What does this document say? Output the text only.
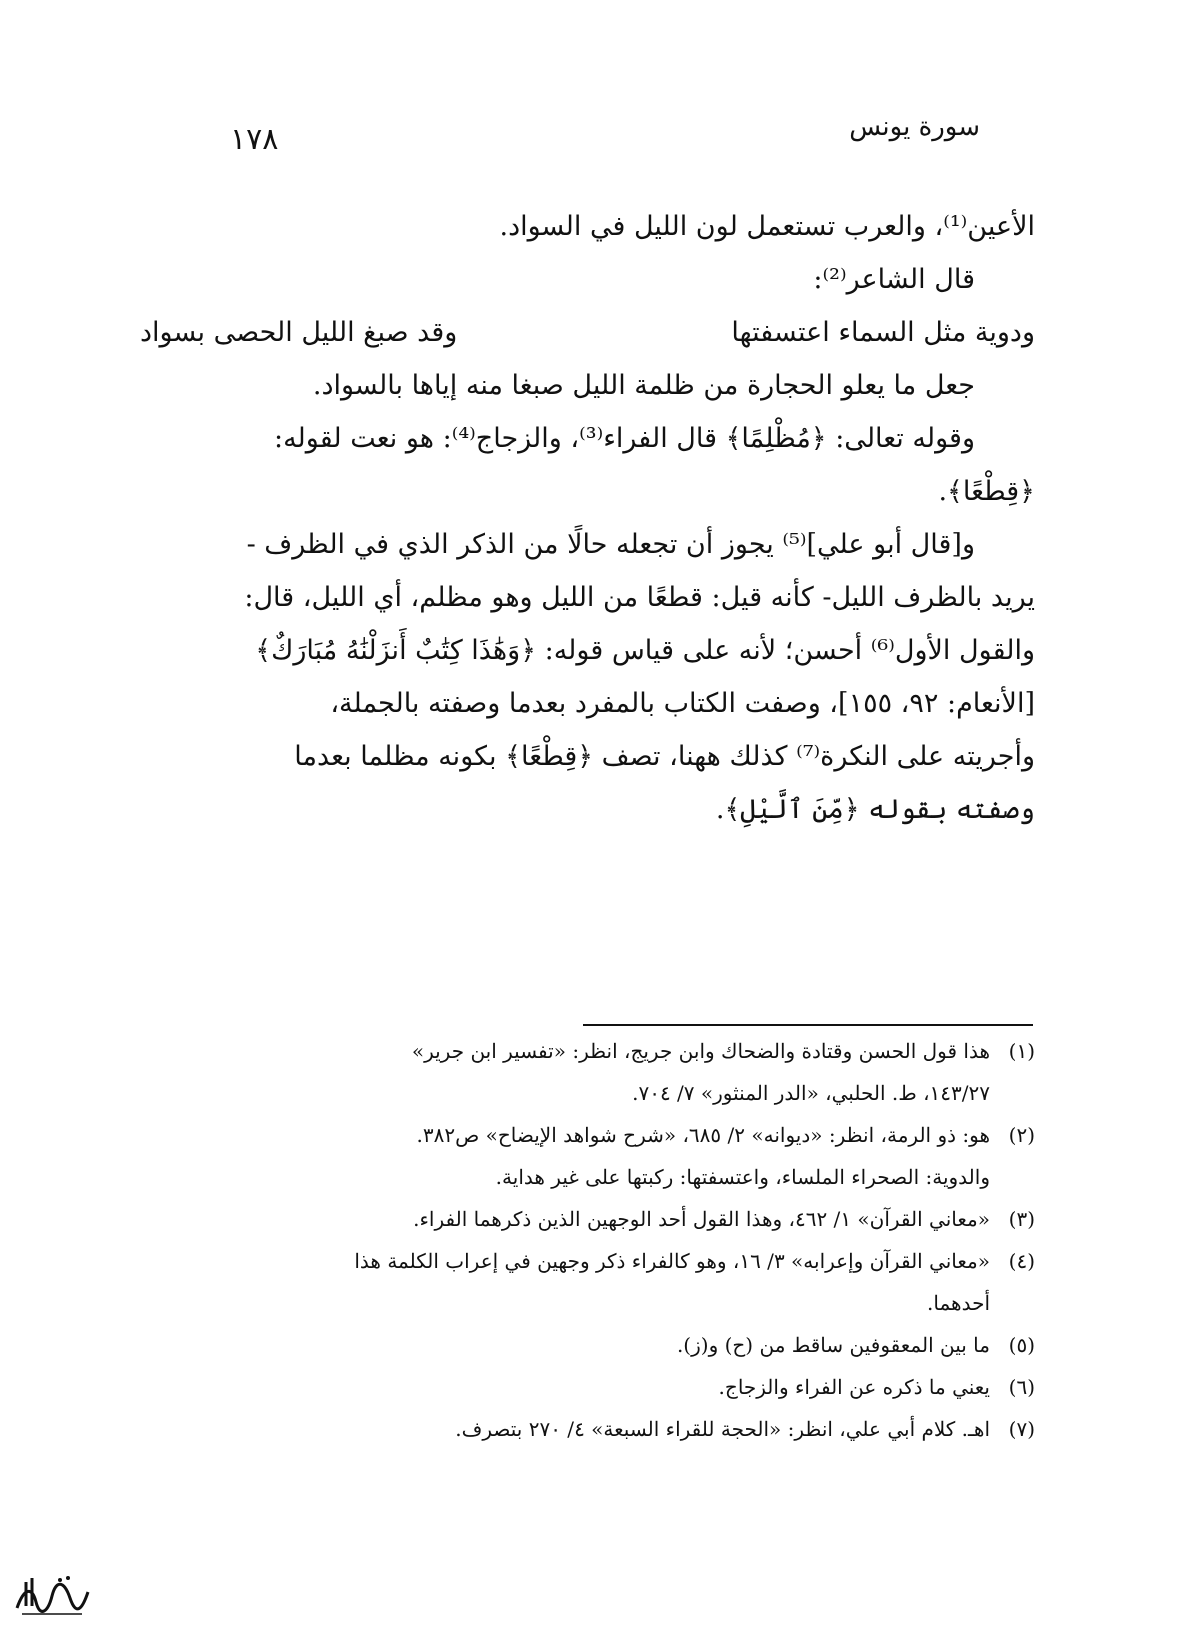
١٧٨	سورة يونس
الأعين⁽¹⁾، والعرب تستعمل لون الليل في السواد.
قال الشاعر⁽²⁾:
ودوية مثل السماء اعتسفتها
وقد صبغ الليل الحصى بسواد
جعل ما يعلو الحجارة من ظلمة الليل صبغا منه إياها بالسواد.
وقوله تعالى: ﴿مُظْلِمًا﴾ قال الفراء⁽³⁾، والزجاج⁽⁴⁾: هو نعت لقوله:
﴿قِطْعًا﴾.
و[قال أبو علي]⁽⁵⁾ يجوز أن تجعله حالًا من الذكر الذي في الظرف -
يريد بالظرف الليل- كأنه قيل: قطعًا من الليل وهو مظلم، أي الليل، قال:
والقول الأول⁽⁶⁾ أحسن؛ لأنه على قياس قوله: ﴿وَهَٰذَا كِتَٰبٌ أَنزَلْنَٰهُ مُبَارَكٌ﴾
[الأنعام: ٩٢، ١٥٥]، وصفت الكتاب بالمفرد بعدما وصفته بالجملة،
وأجريته على النكرة⁽⁷⁾ كذلك ههنا، تصف ﴿قِطْعًا﴾ بكونه مظلما بعدما
وصفته بقوله ﴿مِّنَ ٱلَّيْلِ﴾.
(١)
هذا قول الحسن وقتادة والضحاك وابن جريج، انظر: «تفسير ابن جرير»
١٤٣/٢٧، ط. الحلبي، «الدر المنثور» ٧/ ٧٠٤.
(٢)
هو: ذو الرمة، انظر: «ديوانه» ٢/ ٦٨٥، «شرح شواهد الإيضاح» ص٣٨٢.
والدوية: الصحراء الملساء، واعتسفتها: ركبتها على غير هداية.
(٣)
«معاني القرآن» ١/ ٤٦٢، وهذا القول أحد الوجهين الذين ذكرهما الفراء.
(٤)
«معاني القرآن وإعرابه» ٣/ ١٦، وهو كالفراء ذكر وجهين في إعراب الكلمة هذا
أحدهما.
(٥)
ما بين المعقوفين ساقط من (ح) و(ز).
(٦)
يعني ما ذكره عن الفراء والزجاج.
(٧)
اهـ. كلام أبي علي، انظر: «الحجة للقراء السبعة» ٤/ ٢٧٠ بتصرف.
